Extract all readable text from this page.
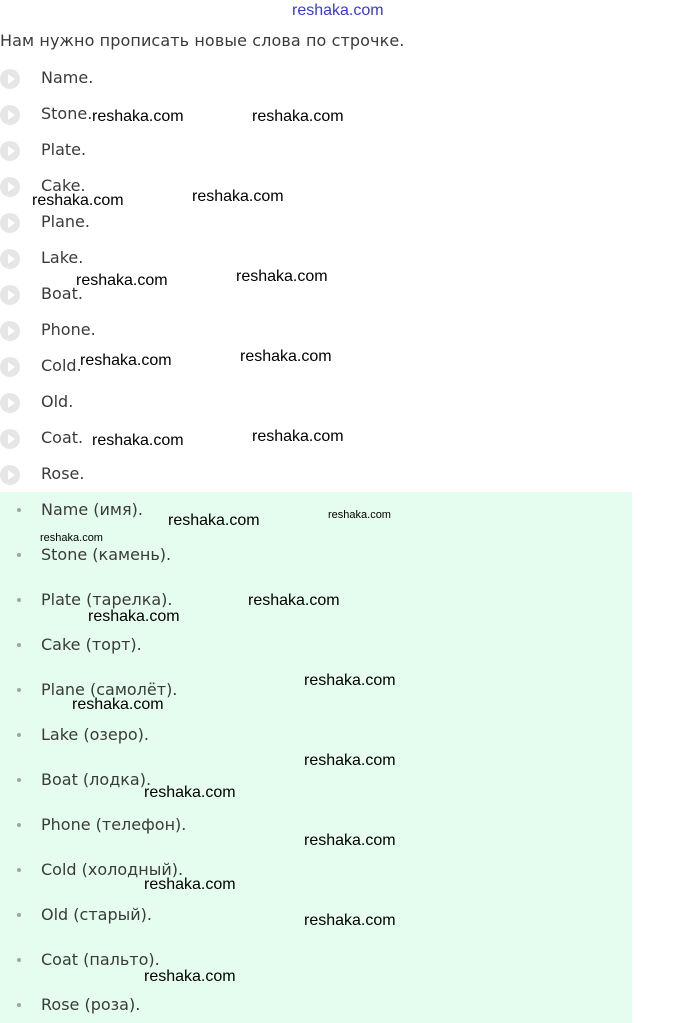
reshaka.com
Нам нужно прописать новые слова по строчке.
Name.
Stone.
Plate.
Cake.
Plane.
Lake.
Boat.
Phone.
Cold.
Old.
Coat.
Rose.
Name (имя).
Stone (камень).
Plate (тарелка).
Cake (торт).
Plane (самолёт).
Lake (озеро).
Boat (лодка).
Phone (телефон).
Cold (холодный).
Old (старый).
Coat (пальто).
Rose (роза).
reshaka.com	reshaka.com
reshaka.com	reshaka.com
reshaka.com	reshaka.com
reshaka.com	reshaka.com
reshaka.com	reshaka.com
reshaka.com	reshaka.com
reshaka.com
reshaka.com
reshaka.com
reshaka.com
reshaka.com
reshaka.com
reshaka.com
reshaka.com
reshaka.com
reshaka.com
reshaka.com
